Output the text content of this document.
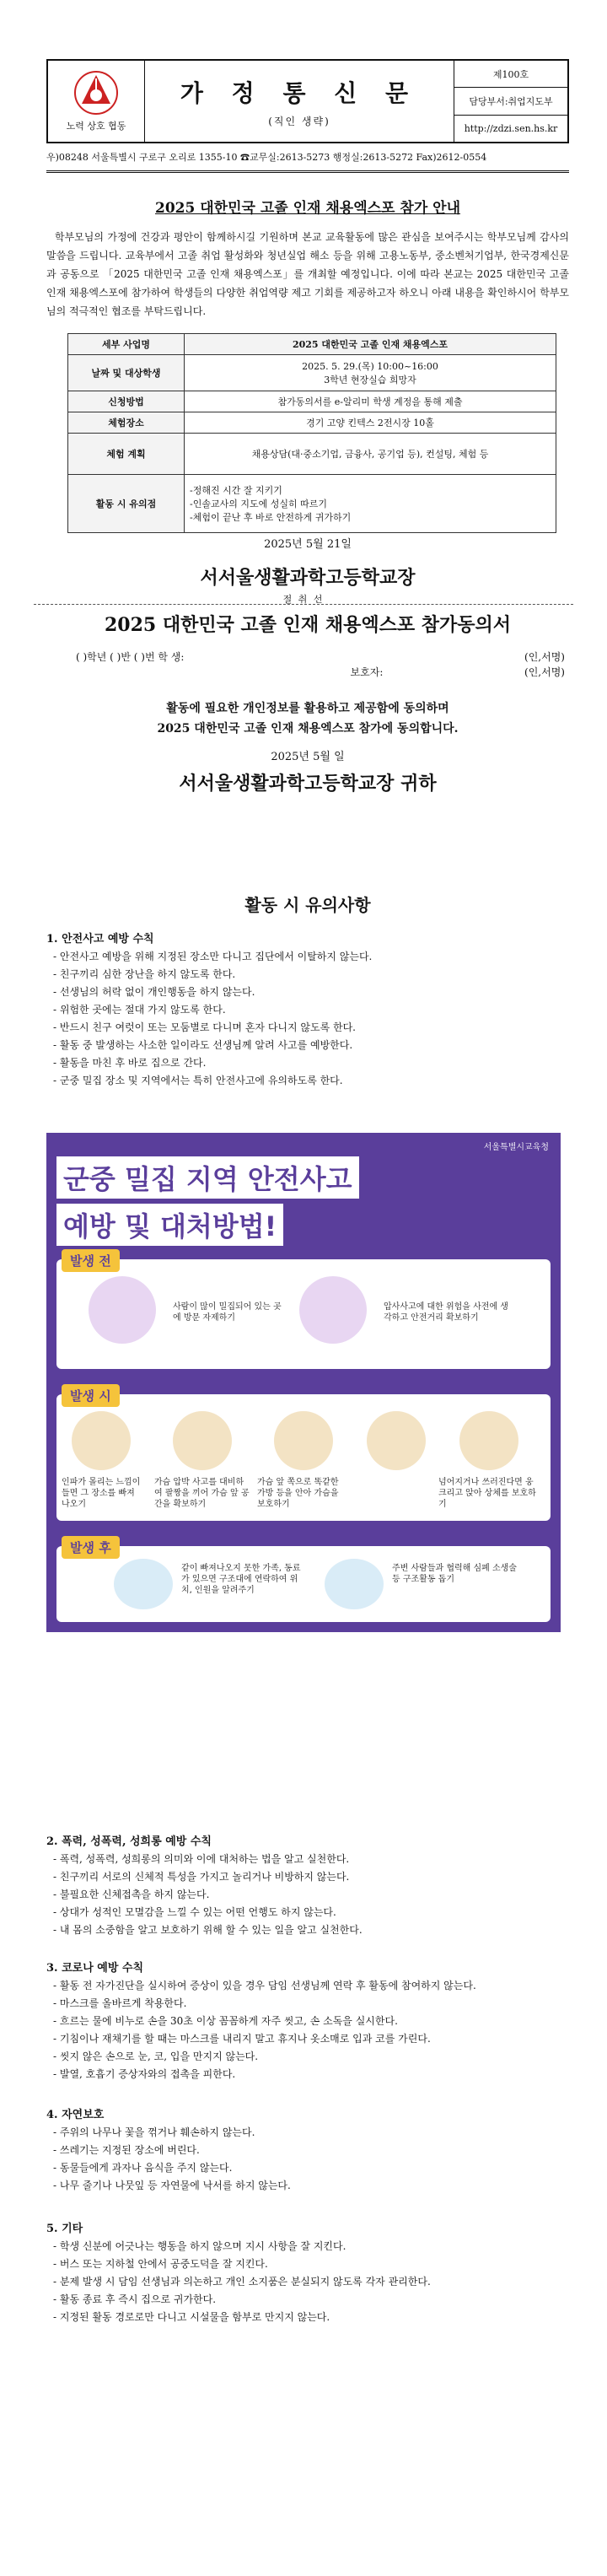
노력 상호 협동
가 정 통 신 문
(직인 생략)
제100호
담당부서:취업지도부
http://zdzi.sen.hs.kr
우)08248 서울특별시 구로구 오리로 1355-10 ☎교무실:2613-5273 행정실:2613-5272 Fax)2612-0554
2025 대한민국 고졸 인재 채용엑스포 참가 안내
학부모님의 가정에 건강과 평안이 함께하시길 기원하며 본교 교육활동에 많은 관심을 보여주시는 학부모님께 감사의 말씀을 드립니다. 교육부에서 고졸 취업 활성화와 청년실업 해소 등을 위해 고용노동부, 중소벤처기업부, 한국경제신문과 공동으로 「2025 대한민국 고졸 인재 채용엑스포」를 개최할 예정입니다. 이에 따라 본교는 2025 대한민국 고졸 인재 채용엑스포에 참가하여 학생들의 다양한 취업역량 제고 기회를 제공하고자 하오니 아래 내용을 확인하시어 학부모님의 적극적인 협조를 부탁드립니다.
세부 사업명	2025 대한민국 고졸 인재 채용엑스포
날짜 및 대상학생	2025. 5. 29.(목) 10:00~16:00
3학년 현장실습 희망자

신청방법	참가동의서를 e-알리미 학생 계정을 통해 제출
체험장소	경기 고양 킨텍스 2전시장 10홀
체험 계획	채용상담(대·중소기업, 금융사, 공기업 등), 컨설팅, 체험 등
활동 시 유의점	-정해진 시간 잘 지키기
-인솔교사의 지도에 성실히 따르기
-체험이 끝난 후 바로 안전하게 귀가하기
2025년 5월 21일
서서울생활과학고등학교장
절 취 선
2025 대한민국 고졸 인재 채용엑스포 참가동의서
( )학년 ( )반 ( )번 학 생:	(인,서명)
보호자:	(인,서명)
활동에 필요한 개인정보를 활용하고 제공함에 동의하며
2025 대한민국 고졸 인재 채용엑스포 참가에 동의합니다.
2025년 5월 일
서서울생활과학고등학교장 귀하
활동 시 유의사항
1. 안전사고 예방 수칙
- 안전사고 예방을 위해 지정된 장소만 다니고 집단에서 이탈하지 않는다.
- 친구끼리 심한 장난을 하지 않도록 한다.
- 선생님의 허락 없이 개인행동을 하지 않는다.
- 위험한 곳에는 절대 가지 않도록 한다.
- 반드시 친구 여럿이 또는 모둠별로 다니며 혼자 다니지 않도록 한다.
- 활동 중 발생하는 사소한 일이라도 선생님께 알려 사고를 예방한다.
- 활동을 마친 후 바로 집으로 간다.
- 군중 밀집 장소 및 지역에서는 특히 안전사고에 유의하도록 한다.
서울특별시교육청
군중 밀집 지역 안전사고
예방 및 대처방법!
발생 전
사람이 많이 밀집되어 있는 곳에 방문 자제하기
압사사고에 대한 위험을 사전에 생각하고 안전거리 확보하기
발생 시
인파가 몰리는 느낌이 들면 그 장소를 빠져나오기
가슴 압박 사고를 대비하여 팔짱을 끼어 가슴 앞 공간을 확보하기
가슴 앞 쪽으로 똑같한 가방 등을 안아 가슴을 보호하기
넘어지거나 쓰러진다면 웅크리고 앉아 상체를 보호하기
발생 후
같이 빠져나오지 못한 가족, 동료가 있으면 구조대에 연락하여 위치, 인원을 알려주기
주변 사람들과 협력해 심폐 소생술 등 구조활동 돕기
2. 폭력, 성폭력, 성희롱 예방 수칙
- 폭력, 성폭력, 성희롱의 의미와 이에 대처하는 법을 알고 실천한다.
- 친구끼리 서로의 신체적 특성을 가지고 놀리거나 비방하지 않는다.
- 불필요한 신체접촉을 하지 않는다.
- 상대가 성적인 모멸감을 느낄 수 있는 어떤 언행도 하지 않는다.
- 내 몸의 소중함을 알고 보호하기 위해 할 수 있는 일을 알고 실천한다.
3. 코로나 예방 수칙
- 활동 전 자가진단을 실시하여 증상이 있을 경우 담임 선생님께 연락 후 활동에 참여하지 않는다.
- 마스크를 올바르게 착용한다.
- 흐르는 물에 비누로 손을 30초 이상 꼼꼼하게 자주 씻고, 손 소독을 실시한다.
- 기침이나 재채기를 할 때는 마스크를 내리지 말고 휴지나 옷소매로 입과 코를 가린다.
- 씻지 않은 손으로 눈, 코, 입을 만지지 않는다.
- 발열, 호흡기 증상자와의 접촉을 피한다.
4. 자연보호
- 주위의 나무나 꽃을 꺾거나 훼손하지 않는다.
- 쓰레기는 지정된 장소에 버린다.
- 동물들에게 과자나 음식을 주지 않는다.
- 나무 줄기나 나뭇잎 등 자연물에 낙서를 하지 않는다.
5. 기타
- 학생 신분에 어긋나는 행동을 하지 않으며 지시 사항을 잘 지킨다.
- 버스 또는 지하철 안에서 공중도덕을 잘 지킨다.
- 분제 발생 시 담임 선생님과 의논하고 개인 소지품은 분실되지 않도록 각자 관리한다.
- 활동 종료 후 즉시 집으로 귀가한다.
- 지정된 활동 경로로만 다니고 시설물을 함부로 만지지 않는다.
